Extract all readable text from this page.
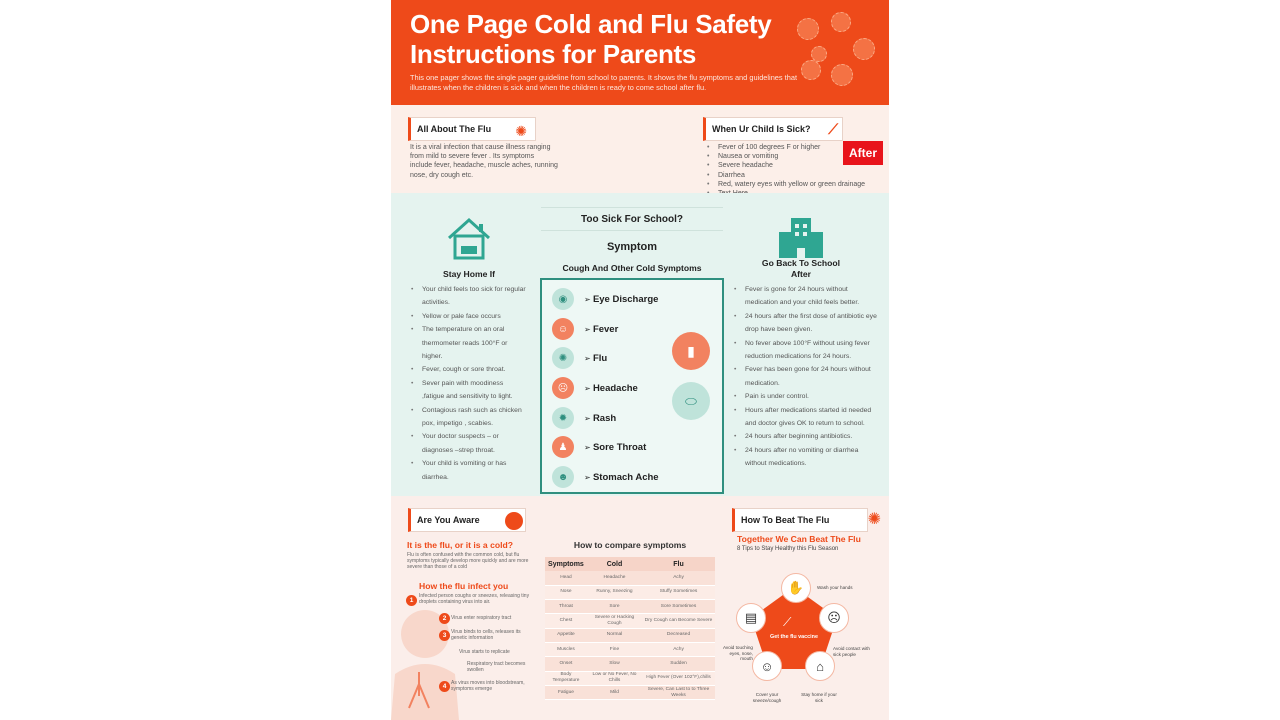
One Page Cold and Flu Safety Instructions for Parents
This one pager shows the single pager guideline from school to parents. It shows the flu symptoms and guidelines that illustrates when the children is sick and when the children is ready to come school after flu.
All About The Flu ✺
It is a viral infection that cause illness ranging from mild to severe fever . Its symptoms include fever, headache, muscle aches, running nose, dry cough etc.
When Ur Child Is Sick? ⟋
• Fever of 100 degrees F or higher
• Nausea or vomiting
• Severe headache
• Diarrhea
• Red, watery eyes with yellow or green drainage
•
After
Too Sick For School?
Symptom
Cough And Other Cold Symptoms
Stay Home If
• Your child feels too sick for regular activities.
• Yellow or pale face occurs
• The temperature on an oral thermometer reads 100°F or higher.
• Fever, cough or sore throat.
• Sever pain with moodiness ,fatigue and sensitivity to light.
• Contagious rash such as chicken pox, impetigo , scabies.
• Your doctor suspects – or diagnoses –strep throat.
• Your child is vomiting or has diarrhea.
◉	➢ Eye Discharge
☺	➢ Fever
✺	➢ Flu
☹	➢ Headache
✹	➢ Rash
♟	➢ Sore Throat
☻	➢ Stomach Ache
▮
⬭
Go Back To School After
• Fever is gone for 24 hours without medication and your child feels better.
• 24 hours after the first dose of antibiotic eye drop have been given.
• No fever above 100°F without using fever reduction medications for 24 hours.
• Fever has been gone for 24 hours without medication.
• Pain is under control.
• Hours after medications started id needed and doctor gives OK to return to school.
• 24 hours after beginning antibiotics.
• 24 hours after no vomiting or diarrhea without medications.
Are You Aware
It is the flu, or it is a cold?
Flu is often confused with the common cold, but flu symptoms typically develop more quickly and are more severe than those of a cold
How the flu infect you
1
Infected person coughs or sneezes, releasing tiny droplets containing virus into air.
2 Virus enter respiratory tract
3 Virus binds to cells, releases its genetic information
Virus starts to replicate
Respiratory tract becomes swollen
4 As virus moves into bloodstream, symptoms emerge
How to compare symptoms
Symptoms	Cold	Flu
Head	Headache	Achy
Nose	Runny, Sneezing	Stuffy Sometimes
Throat	Sore	Sore Sometimes
Chest	Severe or Hacking Cough	Dry Cough can Become Severe
Appetite	Normal	Decreased
Muscles	Fine	Achy
Onset	Slow	Sudden
Body Temperature	Low or No Fever, No Chills	High Fever (Over 102°F),chills
Fatigue	Mild	Severe, Can Last to to Three Weeks
How To Beat The Flu ✺
Together We Can Beat The Flu
8 Tips to Stay Healthy this Flu Season
Get the flu vaccine
⟋
✋	Wash your hands
☹
Avoid contact with sick people
⌂
Stay home if your sick
☺
Cover your sneeze/cough
▤
Avoid touching eyes, nose, mouth
